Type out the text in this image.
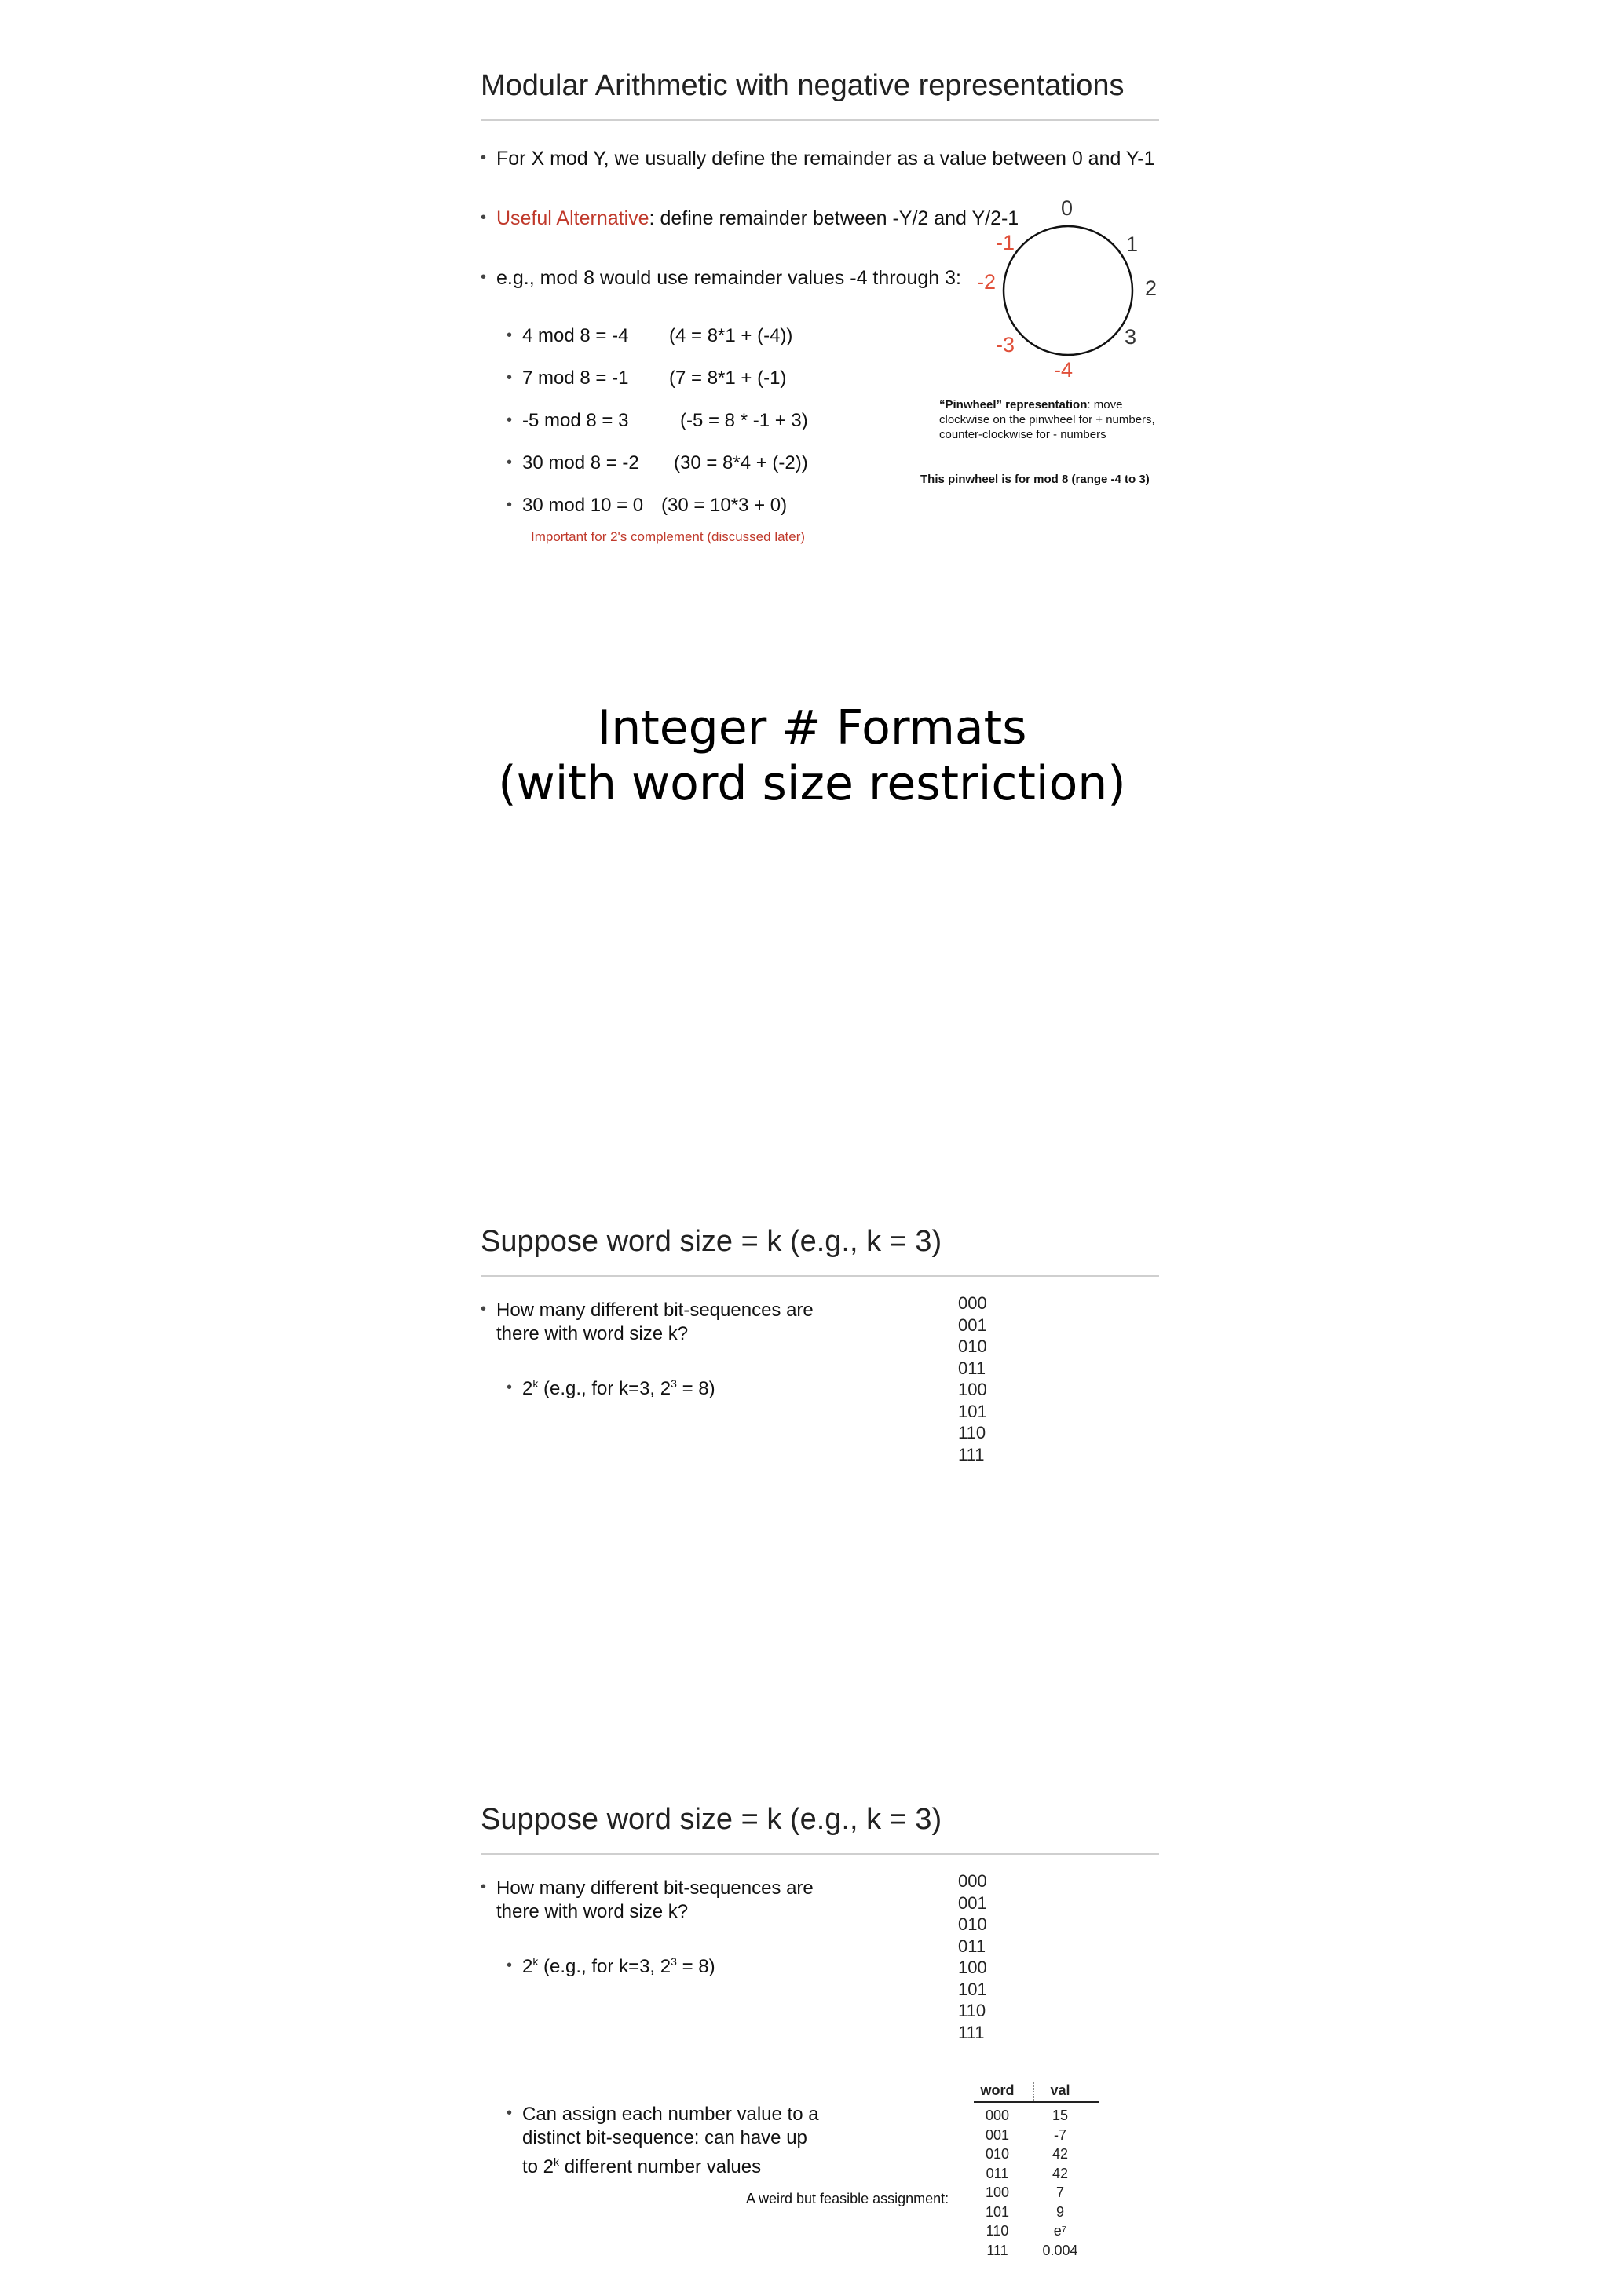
Modular Arithmetic with negative representations
• For X mod Y, we usually define the remainder as a value between 0 and Y-1
• Useful Alternative: define remainder between -Y/2 and Y/2-1
• e.g., mod 8 would use remainder values -4 through 3:
• 4 mod 8 = -4 (4 = 8*1 + (-4))
• 7 mod 8 = -1 (7 = 8*1 + (-1)
• -5 mod 8 = 3	(-5 = 8 * -1 + 3)
• 30 mod 8 = -2 (30 = 8*4 + (-2))
• 30 mod 10 = 0 (30 = 10*3 + 0)
Important for 2's complement (discussed later)
0
1
2
3
-1
-2
-3
-4
“Pinwheel” representation: move
clockwise on the pinwheel for + numbers,
counter-clockwise for - numbers
This pinwheel is for mod 8 (range -4 to 3)
Integer # Formats
(with word size restriction)
Suppose word size = k (e.g., k = 3)
• How many different bit-sequences are
there with word size k?
• 2$^k$ (e.g., for k=3, $2^3 = 8$)
000
001
010
011
100
101
110
111
Suppose word size = k (e.g., k = 3)
• How many different bit-sequences are
there with word size k?
• 2$^k$ (e.g., for k=3, $2^3 = 8$)
000
001
010
011
100
101
110
111
• Can assign each number value to a
distinct bit-sequence: can have up
to 2$^k$ different number values
A weird but feasible assignment:
word	val
000	15
001	-7
010	42
011	42
100	7
101	9
110	e⁷
111	0.004
